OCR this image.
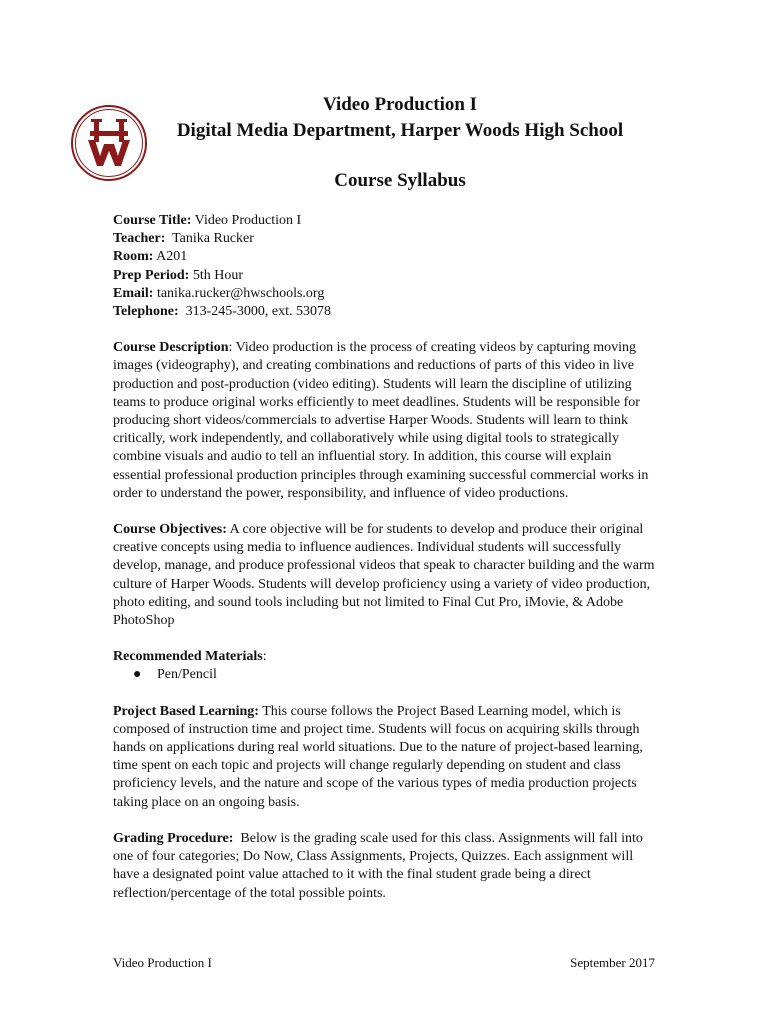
Video Production I
Digital Media Department, Harper Woods High School
Course Syllabus
Course Title: Video Production I
Teacher:  Tanika Rucker
Room: A201
Prep Period: 5th Hour
Email: tanika.rucker@hwschools.org
Telephone:  313-245-3000, ext. 53078
Course Description: Video production is the process of creating videos by capturing moving images (videography), and creating combinations and reductions of parts of this video in live production and post-production (video editing). Students will learn the discipline of utilizing teams to produce original works efficiently to meet deadlines. Students will be responsible for producing short videos/commercials to advertise Harper Woods. Students will learn to think critically, work independently, and collaboratively while using digital tools to strategically combine visuals and audio to tell an influential story. In addition, this course will explain essential professional production principles through examining successful commercial works in order to understand the power, responsibility, and influence of video productions.
Course Objectives: A core objective will be for students to develop and produce their original creative concepts using media to influence audiences. Individual students will successfully develop, manage, and produce professional videos that speak to character building and the warm culture of Harper Woods. Students will develop proficiency using a variety of video production, photo editing, and sound tools including but not limited to Final Cut Pro, iMovie, & Adobe PhotoShop
Recommended Materials:
● Pen/Pencil
Project Based Learning: This course follows the Project Based Learning model, which is composed of instruction time and project time. Students will focus on acquiring skills through hands on applications during real world situations. Due to the nature of project-based learning, time spent on each topic and projects will change regularly depending on student and class proficiency levels, and the nature and scope of the various types of media production projects taking place on an ongoing basis.
Grading Procedure:  Below is the grading scale used for this class. Assignments will fall into one of four categories; Do Now, Class Assignments, Projects, Quizzes. Each assignment will have a designated point value attached to it with the final student grade being a direct reflection/percentage of the total possible points.
Video Production I	September 2017
